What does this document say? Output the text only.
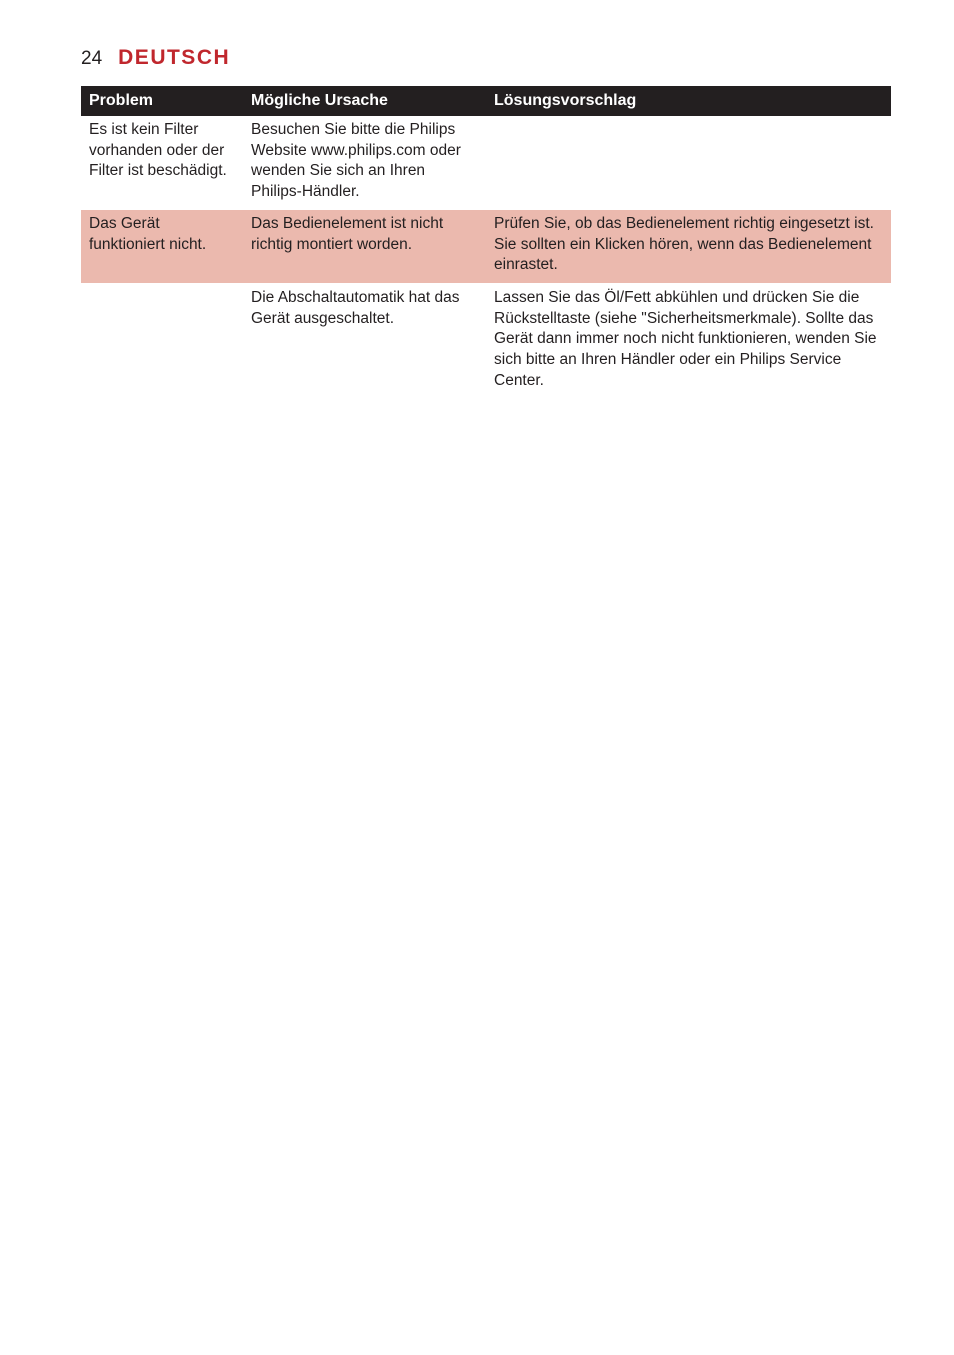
24 DEUTSCH
Problem	Mögliche Ursache	Lösungsvorschlag
Es ist kein Filter vorhanden oder der Filter ist beschädigt.	Besuchen Sie bitte die Philips Website www.philips.com oder wenden Sie sich an Ihren Philips-Händler.	
Das Gerät funktioniert nicht.	Das Bedienelement ist nicht richtig montiert worden.	Prüfen Sie, ob das Bedienelement richtig eingesetzt ist. Sie sollten ein Klicken hören, wenn das Bedienelement einrastet.
	Die Abschaltautomatik hat das Gerät ausgeschaltet.	Lassen Sie das Öl/Fett abkühlen und drücken Sie die Rückstelltaste (siehe "Sicherheitsmerkmale). Sollte das Gerät dann immer noch nicht funktionieren, wenden Sie sich bitte an Ihren Händler oder ein Philips Service Center.
